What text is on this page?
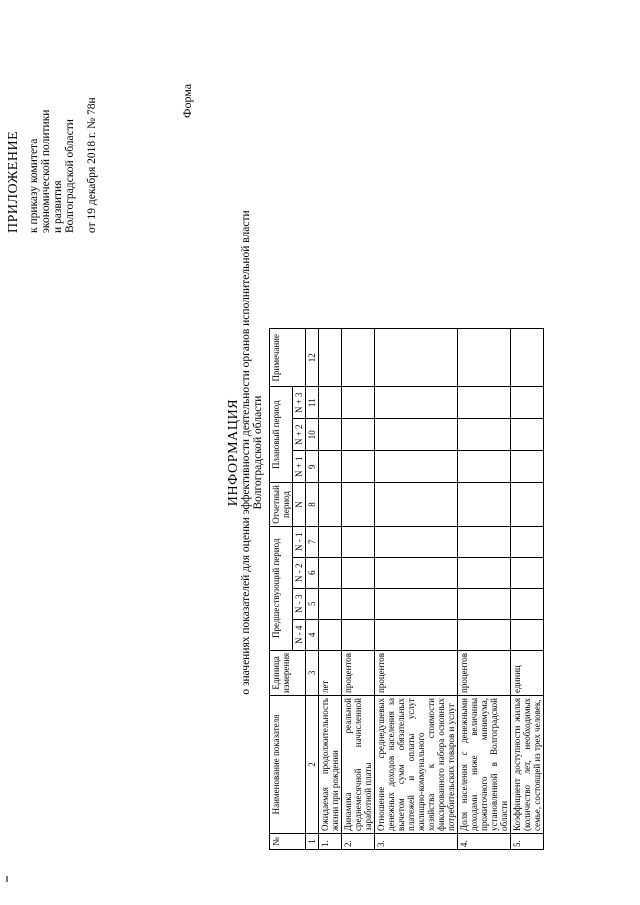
ПРИЛОЖЕНИЕ к приказу комитета экономической политики и развития Волгоградской области от 19 декабря 2018 г. № 78н	Форма
ИНФОРМАЦИЯ о значениях показателей для оценки эффективности деятельности органов исполнительной власти Волгоградской области
№	Наименование показателя	Единица измерения	Предшествующий период				Отчетный период	Плановый период			Примечание
			N - 4	N - 3	N - 2	N - 1	N	N + 1	N + 2	N + 3	
1	2	3	4	5	6	7	8	9	10	11	12
1.	Ожидаемая продолжительность жизни при рождении	лет									
2.	Динамика реальной среднемесячной начисленной заработной платы	процентов									
3.	Отношение среднедушевых денежных доходов населения за вычетом сумм обязательных платежей и оплаты услуг жилищно-коммунального хозяйства к стоимости фиксированного набора основных потребительских товаров и услуг	процентов									
4.	Доля населения с денежными доходами ниже величины прожиточного минимума, установленной в Волгоградской области	процентов									
5.	Коэффициент доступности жилья (количество лет, необходимых семье, состоящей из трех человек,	единиц									
